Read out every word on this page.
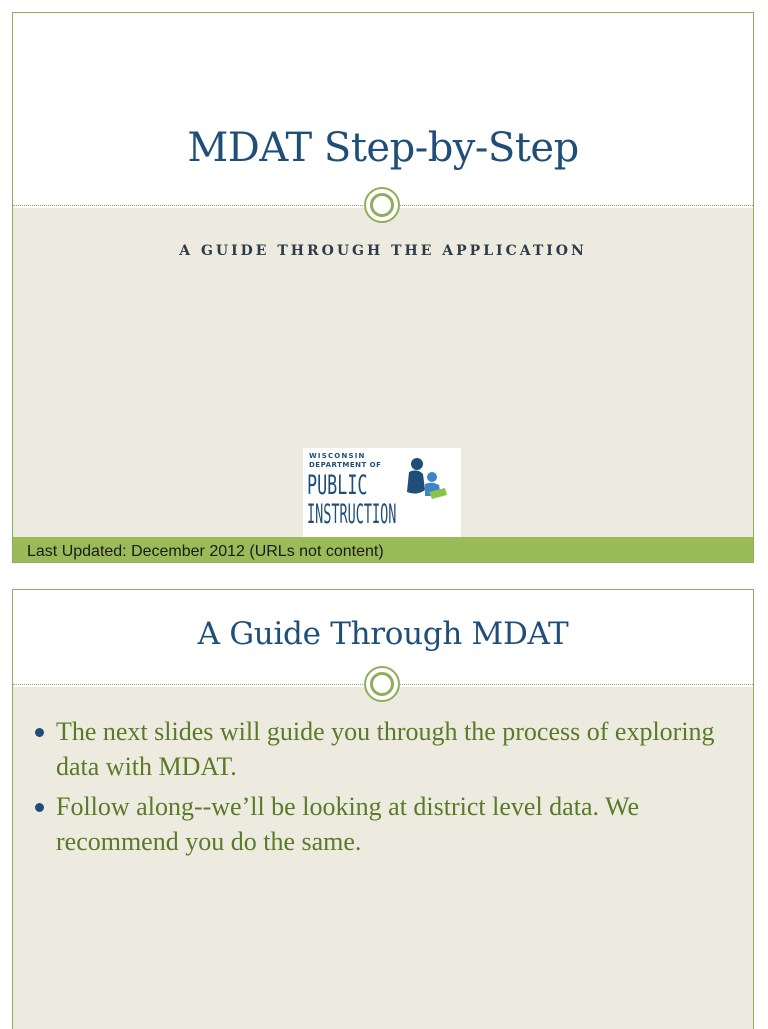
MDAT Step-by-Step

A GUIDE THROUGH THE APPLICATION

WISCONSIN
DEPARTMENT OF
PUBLIC
INSTRUCTION
Last Updated: December 2012 (URLs not content)
A Guide Through MDAT
The next slides will guide you through the process of exploring data with MDAT.
Follow along--we’ll be looking at district level data. We recommend you do the same.
